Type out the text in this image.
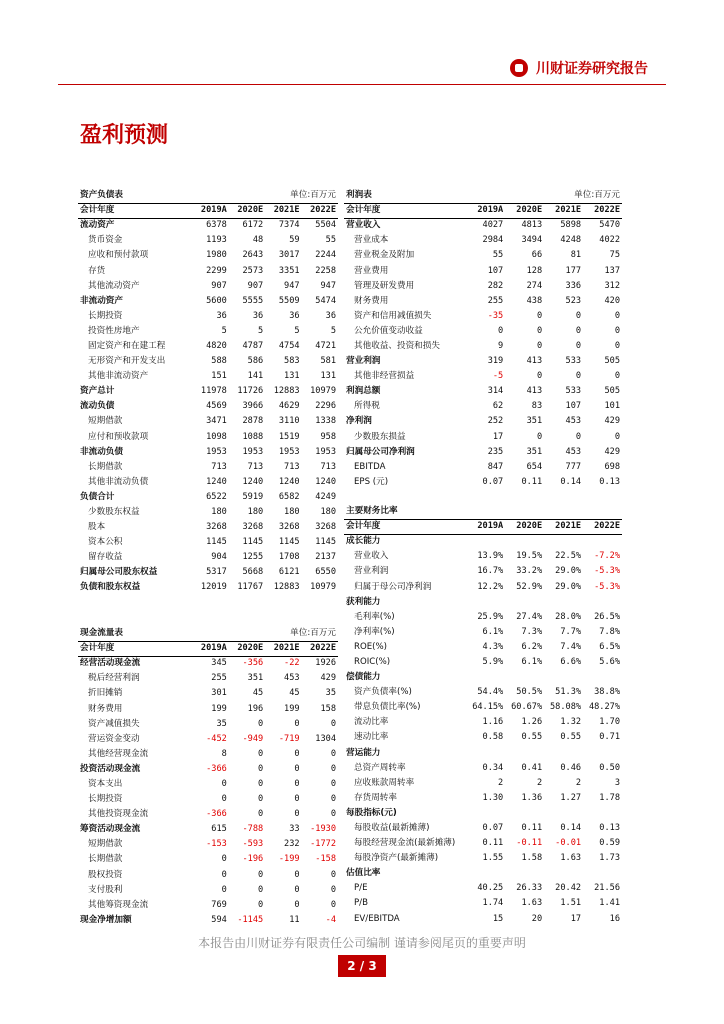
川财证券研究报告
盈利预测
资产负债表			单位:百万元	
会计年度	2019A	2020E	2021E	2022E
流动资产	6378	6172	7374	5504
货币资金	1193	48	59	55
应收和预付款项	1980	2643	3017	2244
存货	2299	2573	3351	2258
其他流动资产	907	907	947	947
非流动资产	5600	5555	5509	5474
长期投资	36	36	36	36
投资性房地产	5	5	5	5
固定资产和在建工程	4820	4787	4754	4721
无形资产和开发支出	588	586	583	581
其他非流动资产	151	141	131	131
资产总计	11978	11726	12883	10979
流动负债	4569	3966	4629	2296
短期借款	3471	2878	3110	1338
应付和预收款项	1098	1088	1519	958
非流动负债	1953	1953	1953	1953
长期借款	713	713	713	713
其他非流动负债	1240	1240	1240	1240
负债合计	6522	5919	6582	4249
少数股东权益	180	180	180	180
股本	3268	3268	3268	3268
资本公积	1145	1145	1145	1145
留存收益	904	1255	1708	2137
归属母公司股东权益	5317	5668	6121	6550
负债和股东权益	12019	11767	12883	10979
利润表			单位:百万元	
会计年度	2019A	2020E	2021E	2022E
营业收入	4027	4813	5898	5470
营业成本	2984	3494	4248	4022
营业税金及附加	55	66	81	75
营业费用	107	128	177	137
管理及研发费用	282	274	336	312
财务费用	255	438	523	420
资产和信用减值损失	-35	0	0	0
公允价值变动收益	0	0	0	0
其他收益、投资和损失	9	0	0	0
营业利润	319	413	533	505
其他非经营损益	-5	0	0	0
利润总额	314	413	533	505
所得税	62	83	107	101
净利润	252	351	453	429
少数股东损益	17	0	0	0
归属母公司净利润	235	351	453	429
EBITDA	847	654	777	698
EPS (元)	0.07	0.11	0.14	0.13
主要财务比率				
会计年度	2019A	2020E	2021E	2022E
成长能力				
营业收入	13.9%	19.5%	22.5%	-7.2%
营业利润	16.7%	33.2%	29.0%	-5.3%
归属于母公司净利润	12.2%	52.9%	29.0%	-5.3%
获利能力				
毛利率(%)	25.9%	27.4%	28.0%	26.5%
净利率(%)	6.1%	7.3%	7.7%	7.8%
ROE(%)	4.3%	6.2%	7.4%	6.5%
ROIC(%)	5.9%	6.1%	6.6%	5.6%
偿债能力				
资产负债率(%)	54.4%	50.5%	51.3%	38.8%
带息负债比率(%)	64.15%	60.67%	58.08%	48.27%
流动比率	1.16	1.26	1.32	1.70
速动比率	0.58	0.55	0.55	0.71
营运能力				
总资产周转率	0.34	0.41	0.46	0.50
应收账款周转率	2	2	2	3
存货周转率	1.30	1.36	1.27	1.78
每股指标(元)				
每股收益(最新摊薄)	0.07	0.11	0.14	0.13
每股经营现金流(最新摊薄)	0.11	-0.11	-0.01	0.59
每股净资产(最新摊薄)	1.55	1.58	1.63	1.73
估值比率				
P/E	40.25	26.33	20.42	21.56
P/B	1.74	1.63	1.51	1.41
EV/EBITDA	15	20	17	16
现金流量表			单位:百万元	
会计年度	2019A	2020E	2021E	2022E
经营活动现金流	345	-356	-22	1926
税后经营利润	255	351	453	429
折旧摊销	301	45	45	35
财务费用	199	196	199	158
资产减值损失	35	0	0	0
营运资金变动	-452	-949	-719	1304
其他经营现金流	8	0	0	0
投资活动现金流	-366	0	0	0
资本支出	0	0	0	0
长期投资	0	0	0	0
其他投资现金流	-366	0	0	0
筹资活动现金流	615	-788	33	-1930
短期借款	-153	-593	232	-1772
长期借款	0	-196	-199	-158
股权投资	0	0	0	0
支付股利	0	0	0	0
其他筹资现金流	769	0	0	0
现金净增加额	594	-1145	11	-4
本报告由川财证券有限责任公司编制 谨请参阅尾页的重要声明
2 / 3
